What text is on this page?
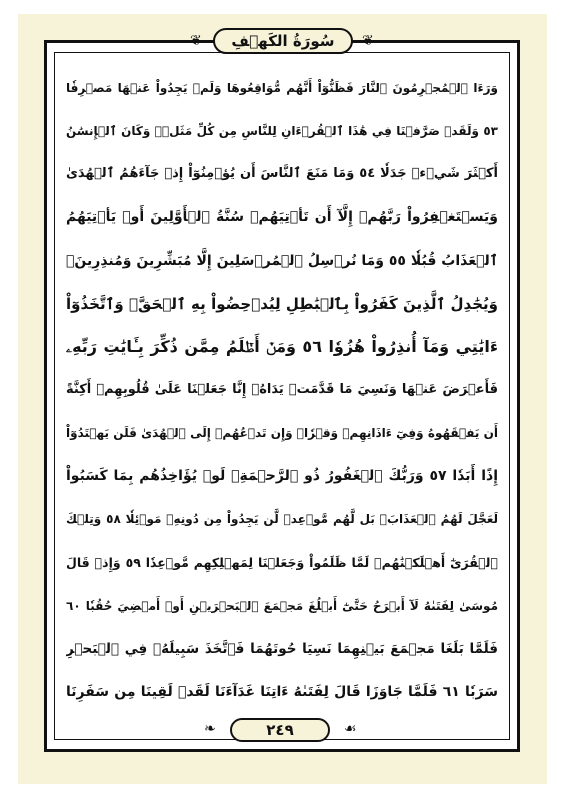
❦	❦
سُورَةُ الكَهۡفِ
وَرَءَا ٱلۡمُجۡرِمُونَ ٱلنَّارَ فَظَنُّوٓاْ أَنَّهُم مُّوَاقِعُوهَا وَلَمۡ يَجِدُواْ عَنۡهَا مَصۡرِفٗا
٥٣ وَلَقَدۡ صَرَّفۡنَا فِي هَٰذَا ٱلۡقُرۡءَانِ لِلنَّاسِ مِن كُلِّ مَثَلٖۚ وَكَانَ ٱلۡإِنسَٰنُ
أَكۡثَرَ شَيۡءٖ جَدَلٗا ٥٤ وَمَا مَنَعَ ٱلنَّاسَ أَن يُؤۡمِنُوٓاْ إِذۡ جَآءَهُمُ ٱلۡهُدَىٰ
وَيَسۡتَغۡفِرُواْ رَبَّهُمۡ إِلَّآ أَن تَأۡتِيَهُمۡ سُنَّةُ ٱلۡأَوَّلِينَ أَوۡ يَأۡتِيَهُمُ
ٱلۡعَذَابُ قُبُلٗا ٥٥ وَمَا نُرۡسِلُ ٱلۡمُرۡسَلِينَ إِلَّا مُبَشِّرِينَ وَمُنذِرِينَۚ
وَيُجَٰدِلُ ٱلَّذِينَ كَفَرُواْ بِٱلۡبَٰطِلِ لِيُدۡحِضُواْ بِهِ ٱلۡحَقَّۖ وَٱتَّخَذُوٓاْ
ءَايَٰتِي وَمَآ أُنذِرُواْ هُزُوٗا ٥٦ وَمَنۡ أَظۡلَمُ مِمَّن ذُكِّرَ بِـَٔايَٰتِ رَبِّهِۦ
فَأَعۡرَضَ عَنۡهَا وَنَسِيَ مَا قَدَّمَتۡ يَدَاهُۚ إِنَّا جَعَلۡنَا عَلَىٰ قُلُوبِهِمۡ أَكِنَّةً
أَن يَفۡقَهُوهُ وَفِيٓ ءَاذَانِهِمۡ وَقۡرٗاۖ وَإِن تَدۡعُهُمۡ إِلَى ٱلۡهُدَىٰ فَلَن يَهۡتَدُوٓاْ
إِذًا أَبَدٗا ٥٧ وَرَبُّكَ ٱلۡغَفُورُ ذُو ٱلرَّحۡمَةِۖ لَوۡ يُؤَاخِذُهُم بِمَا كَسَبُواْ
لَعَجَّلَ لَهُمُ ٱلۡعَذَابَۚ بَل لَّهُم مَّوۡعِدٞ لَّن يَجِدُواْ مِن دُونِهِۦ مَوۡئِلٗا ٥٨ وَتِلۡكَ
ٱلۡقُرَىٰٓ أَهۡلَكۡنَٰهُمۡ لَمَّا ظَلَمُواْ وَجَعَلۡنَا لِمَهۡلِكِهِم مَّوۡعِدٗا ٥٩ وَإِذۡ قَالَ
مُوسَىٰ لِفَتَىٰهُ لَآ أَبۡرَحُ حَتَّىٰٓ أَبۡلُغَ مَجۡمَعَ ٱلۡبَحۡرَيۡنِ أَوۡ أَمۡضِيَ حُقُبٗا ٦٠
فَلَمَّا بَلَغَا مَجۡمَعَ بَيۡنِهِمَا نَسِيَا حُوتَهُمَا فَٱتَّخَذَ سَبِيلَهُۥ فِي ٱلۡبَحۡرِ
سَرَبٗا ٦١ فَلَمَّا جَاوَزَا قَالَ لِفَتَىٰهُ ءَاتِنَا غَدَآءَنَا لَقَدۡ لَقِينَا مِن سَفَرِنَا
❧	☙
٢٤٩
